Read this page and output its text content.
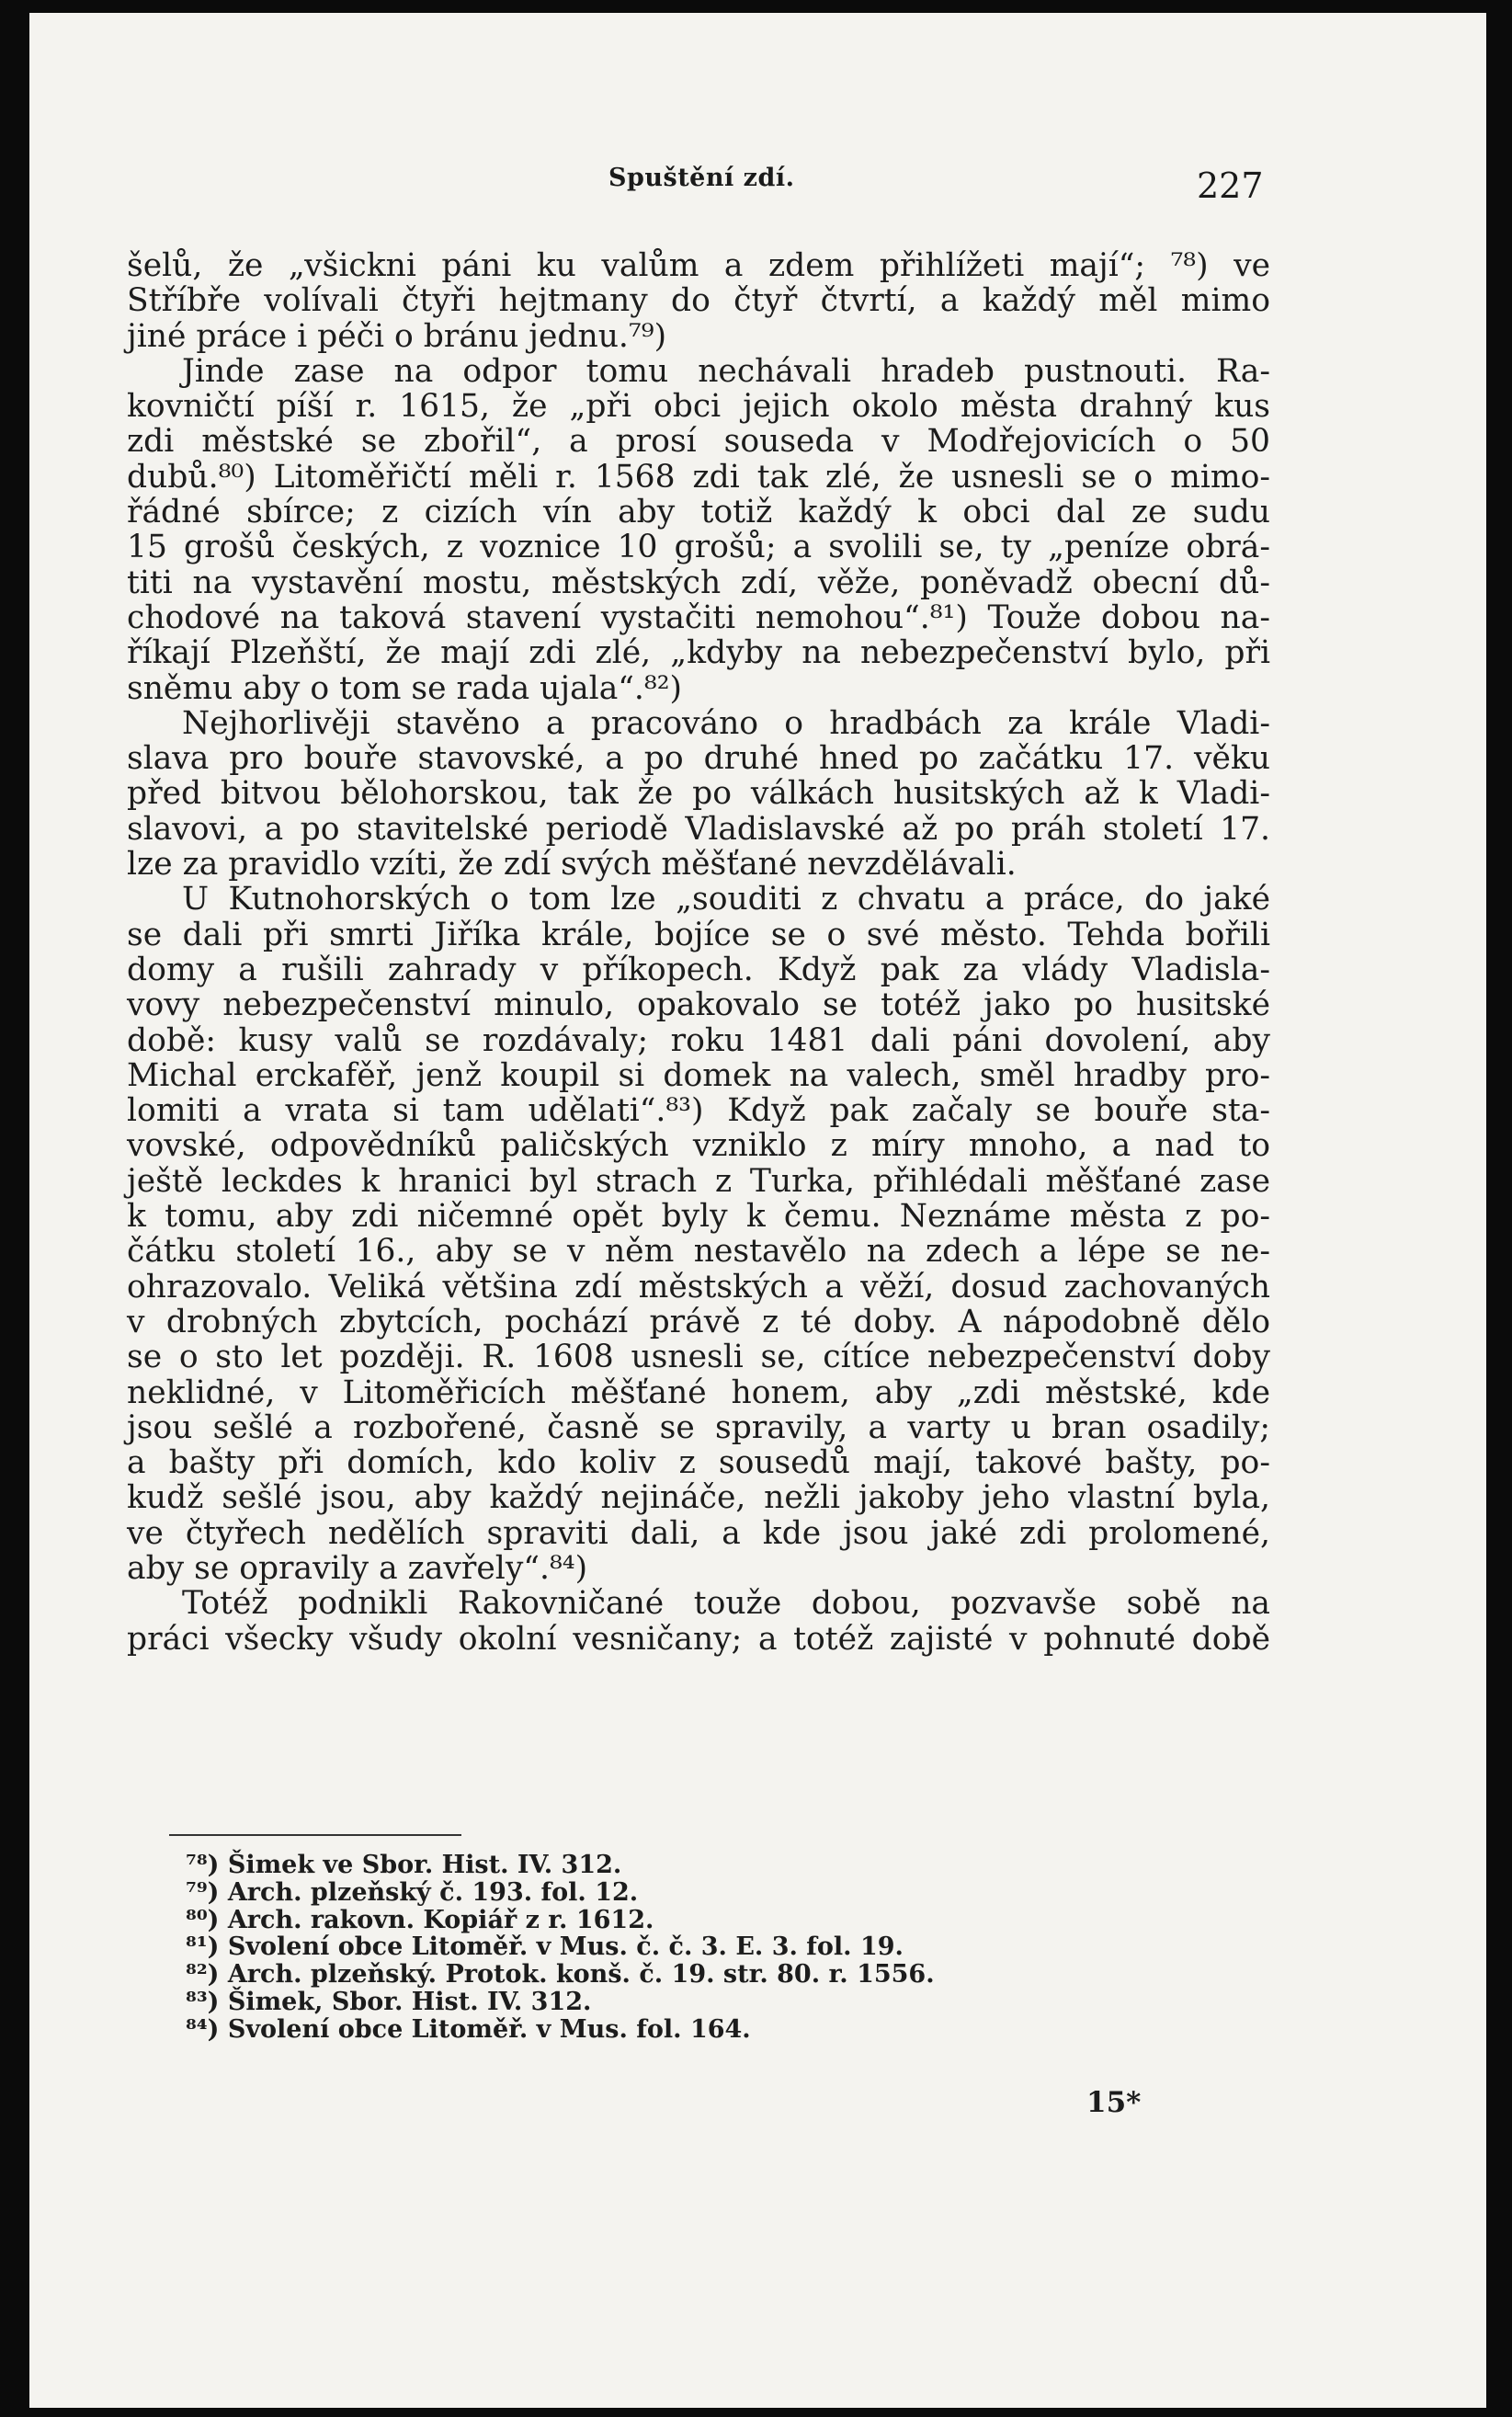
Spuštění zdí.	227
šelů, že „všickni páni ku valům a zdem přihlížeti mají“; ⁷⁸) ve
Stříbře volívali čtyři hejtmany do čtyř čtvrtí, a každý měl mimo
jiné práce i péči o bránu jednu.⁷⁹)
Jinde zase na odpor tomu nechávali hradeb pustnouti. Ra-
kovničtí píší r. 1615, že „při obci jejich okolo města drahný kus
zdi městské se zbořil“, a prosí souseda v Modřejovicích o 50
dubů.⁸⁰) Litoměřičtí měli r. 1568 zdi tak zlé, že usnesli se o mimo-
řádné sbírce; z cizích vín aby totiž každý k obci dal ze sudu
15 grošů českých, z voznice 10 grošů; a svolili se, ty „peníze obrá-
titi na vystavění mostu, městských zdí, věže, poněvadž obecní dů-
chodové na taková stavení vystačiti nemohou“.⁸¹) Touže dobou na-
říkají Plzeňští, že mají zdi zlé, „kdyby na nebezpečenství bylo, při
sněmu aby o tom se rada ujala“.⁸²)
Nejhorlivěji stavěno a pracováno o hradbách za krále Vladi-
slava pro bouře stavovské, a po druhé hned po začátku 17. věku
před bitvou bělohorskou, tak že po válkách husitských až k Vladi-
slavovi, a po stavitelské periodě Vladislavské až po práh století 17.
lze za pravidlo vzíti, že zdí svých měšťané nevzdělávali.
U Kutnohorských o tom lze „souditi z chvatu a práce, do jaké
se dali při smrti Jiříka krále, bojíce se o své město. Tehda bořili
domy a rušili zahrady v příkopech. Když pak za vlády Vladisla-
vovy nebezpečenství minulo, opakovalo se totéž jako po husitské
době: kusy valů se rozdávaly; roku 1481 dali páni dovolení, aby
Michal erckafěř, jenž koupil si domek na valech, směl hradby pro-
lomiti a vrata si tam udělati“.⁸³) Když pak začaly se bouře sta-
vovské, odpovědníků paličských vzniklo z míry mnoho, a nad to
ještě leckdes k hranici byl strach z Turka, přihlédali měšťané zase
k tomu, aby zdi ničemné opět byly k čemu. Neznáme města z po-
čátku století 16., aby se v něm nestavělo na zdech a lépe se ne-
ohrazovalo. Veliká většina zdí městských a věží, dosud zachovaných
v drobných zbytcích, pochází právě z té doby. A nápodobně dělo
se o sto let později. R. 1608 usnesli se, cítíce nebezpečenství doby
neklidné, v Litoměřicích měšťané honem, aby „zdi městské, kde
jsou sešlé a rozbořené, časně se spravily, a varty u bran osadily;
a bašty při domích, kdo koliv z sousedů mají, takové bašty, po-
kudž sešlé jsou, aby každý nejináče, nežli jakoby jeho vlastní byla,
ve čtyřech nedělích spraviti dali, a kde jsou jaké zdi prolomené,
aby se opravily a zavřely“.⁸⁴)
Totéž podnikli Rakovničané touže dobou, pozvavše sobě na
práci všecky všudy okolní vesničany; a totéž zajisté v pohnuté době
⁷⁸) Šimek ve Sbor. Hist. IV. 312.
⁷⁹) Arch. plzeňský č. 193. fol. 12.
⁸⁰) Arch. rakovn. Kopiář z r. 1612.
⁸¹) Svolení obce Litoměř. v Mus. č. č. 3. E. 3. fol. 19.
⁸²) Arch. plzeňský. Protok. konš. č. 19. str. 80. r. 1556.
⁸³) Šimek, Sbor. Hist. IV. 312.
⁸⁴) Svolení obce Litoměř. v Mus. fol. 164.
15*
